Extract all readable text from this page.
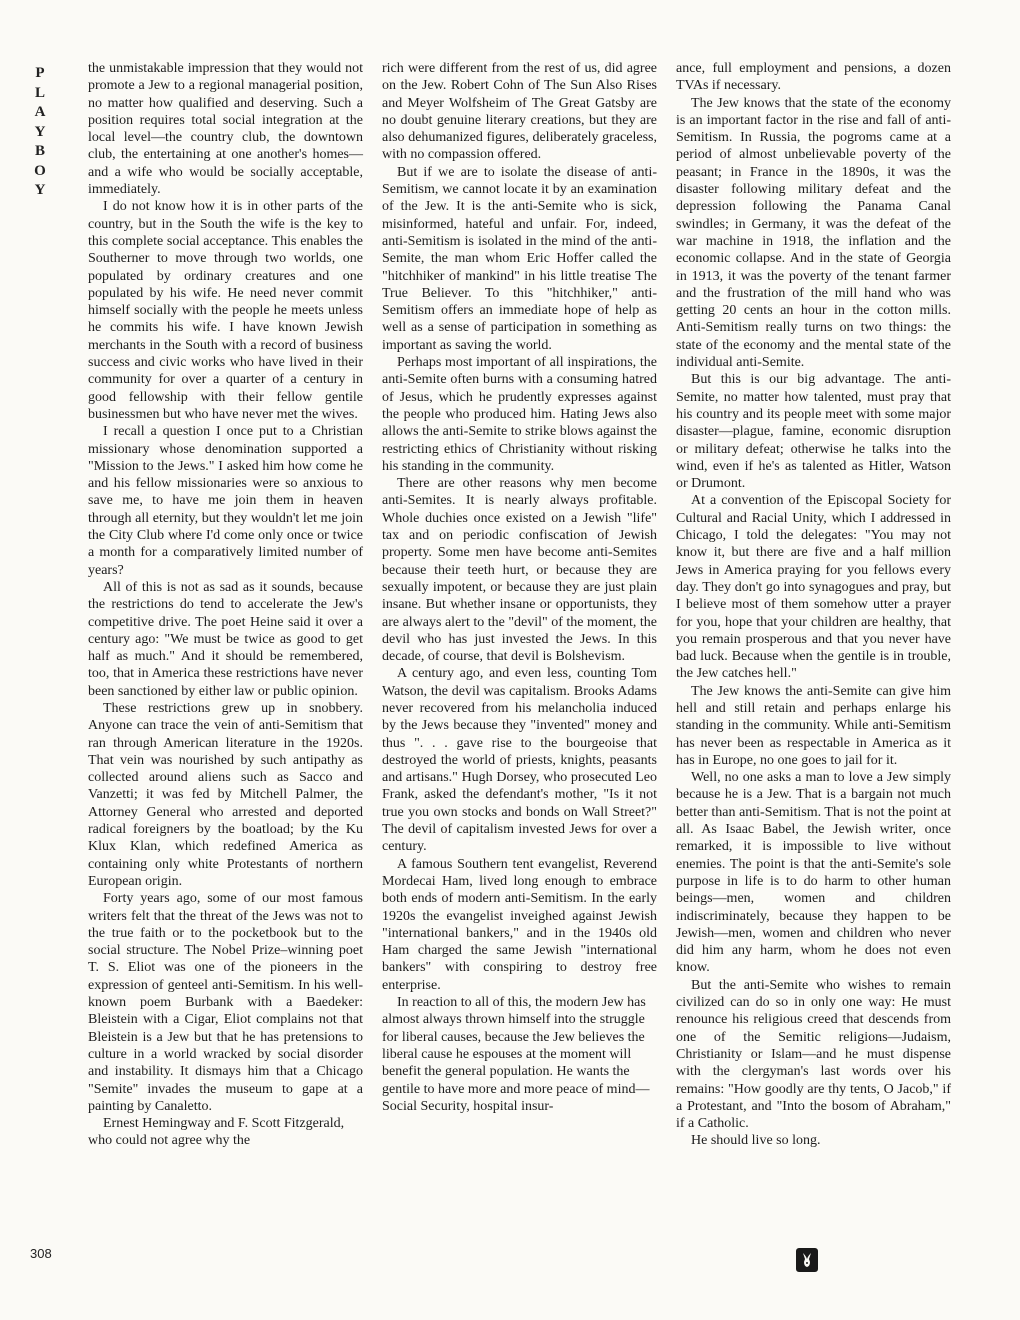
P
L
A
Y
B
O
Y
308

the unmistakable impression that they would not promote a Jew to a regional managerial position, no matter how qualified and deserving. Such a position requires total social integration at the local level—the country club, the downtown club, the entertaining at one another's homes—and a wife who would be socially acceptable, immediately.

I do not know how it is in other parts of the country, but in the South the wife is the key to this complete social acceptance. This enables the Southerner to move through two worlds, one populated by ordinary creatures and one populated by his wife. He need never commit himself socially with the people he meets unless he commits his wife. I have known Jewish merchants in the South with a record of business success and civic works who have lived in their community for over a quarter of a century in good fellowship with their fellow gentile businessmen but who have never met the wives.

I recall a question I once put to a Christian missionary whose denomination supported a "Mission to the Jews." I asked him how come he and his fellow missionaries were so anxious to save me, to have me join them in heaven through all eternity, but they wouldn't let me join the City Club where I'd come only once or twice a month for a comparatively limited number of years?

All of this is not as sad as it sounds, because the restrictions do tend to accelerate the Jew's competitive drive. The poet Heine said it over a century ago: "We must be twice as good to get half as much." And it should be remembered, too, that in America these restrictions have never been sanctioned by either law or public opinion.

These restrictions grew up in snobbery. Anyone can trace the vein of anti-Semitism that ran through American literature in the 1920s. That vein was nourished by such antipathy as collected around aliens such as Sacco and Vanzetti; it was fed by Mitchell Palmer, the Attorney General who arrested and deported radical foreigners by the boatload; by the Ku Klux Klan, which redefined America as containing only white Protestants of northern European origin.

Forty years ago, some of our most famous writers felt that the threat of the Jews was not to the true faith or to the pocketbook but to the social structure. The Nobel Prize–winning poet T. S. Eliot was one of the pioneers in the expression of genteel anti-Semitism. In his well-known poem Burbank with a Baedeker: Bleistein with a Cigar, Eliot complains not that Bleistein is a Jew but that he has pretensions to culture in a world wracked by social disorder and instability. It dismays him that a Chicago "Semite" invades the museum to gape at a painting by Canaletto.

Ernest Hemingway and F. Scott Fitzgerald, who could not agree why the

rich were different from the rest of us, did agree on the Jew. Robert Cohn of The Sun Also Rises and Meyer Wolfsheim of The Great Gatsby are no doubt genuine literary creations, but they are also dehumanized figures, deliberately graceless, with no compassion offered.

But if we are to isolate the disease of anti-Semitism, we cannot locate it by an examination of the Jew. It is the anti-Semite who is sick, misinformed, hateful and unfair. For, indeed, anti-Semitism is isolated in the mind of the anti-Semite, the man whom Eric Hoffer called the "hitchhiker of mankind" in his little treatise The True Believer. To this "hitchhiker," anti-Semitism offers an immediate hope of help as well as a sense of participation in something as important as saving the world.

Perhaps most important of all inspirations, the anti-Semite often burns with a consuming hatred of Jesus, which he prudently expresses against the people who produced him. Hating Jews also allows the anti-Semite to strike blows against the restricting ethics of Christianity without risking his standing in the community.

There are other reasons why men become anti-Semites. It is nearly always profitable. Whole duchies once existed on a Jewish "life" tax and on periodic confiscation of Jewish property. Some men have become anti-Semites because their teeth hurt, or because they are sexually impotent, or because they are just plain insane. But whether insane or opportunists, they are always alert to the "devil" of the moment, the devil who has just invested the Jews. In this decade, of course, that devil is Bolshevism.

A century ago, and even less, counting Tom Watson, the devil was capitalism. Brooks Adams never recovered from his melancholia induced by the Jews because they "invented" money and thus ". . . gave rise to the bourgeoise that destroyed the world of priests, knights, peasants and artisans." Hugh Dorsey, who prosecuted Leo Frank, asked the defendant's mother, "Is it not true you own stocks and bonds on Wall Street?" The devil of capitalism invested Jews for over a century.

A famous Southern tent evangelist, Reverend Mordecai Ham, lived long enough to embrace both ends of modern anti-Semitism. In the early 1920s the evangelist inveighed against Jewish "international bankers," and in the 1940s old Ham charged the same Jewish "international bankers" with conspiring to destroy free enterprise.

In reaction to all of this, the modern Jew has almost always thrown himself into the struggle for liberal causes, because the Jew believes the liberal cause he espouses at the moment will benefit the general population. He wants the gentile to have more and more peace of mind—Social Security, hospital insur-

ance, full employment and pensions, a dozen TVAs if necessary.

The Jew knows that the state of the economy is an important factor in the rise and fall of anti-Semitism. In Russia, the pogroms came at a period of almost unbelievable poverty of the peasant; in France in the 1890s, it was the disaster following military defeat and the depression following the Panama Canal swindles; in Germany, it was the defeat of the war machine in 1918, the inflation and the economic collapse. And in the state of Georgia in 1913, it was the poverty of the tenant farmer and the frustration of the mill hand who was getting 20 cents an hour in the cotton mills. Anti-Semitism really turns on two things: the state of the economy and the mental state of the individual anti-Semite.

But this is our big advantage. The anti-Semite, no matter how talented, must pray that his country and its people meet with some major disaster—plague, famine, economic disruption or military defeat; otherwise he talks into the wind, even if he's as talented as Hitler, Watson or Drumont.

At a convention of the Episcopal Society for Cultural and Racial Unity, which I addressed in Chicago, I told the delegates: "You may not know it, but there are five and a half million Jews in America praying for you fellows every day. They don't go into synagogues and pray, but I believe most of them somehow utter a prayer for you, hope that your children are healthy, that you remain prosperous and that you never have bad luck. Because when the gentile is in trouble, the Jew catches hell."

The Jew knows the anti-Semite can give him hell and still retain and perhaps enlarge his standing in the community. While anti-Semitism has never been as respectable in America as it has in Europe, no one goes to jail for it.

Well, no one asks a man to love a Jew simply because he is a Jew. That is a bargain not much better than anti-Semitism. That is not the point at all. As Isaac Babel, the Jewish writer, once remarked, it is impossible to live without enemies. The point is that the anti-Semite's sole purpose in life is to do harm to other human beings—men, women and children indiscriminately, because they happen to be Jewish—men, women and children who never did him any harm, whom he does not even know.

But the anti-Semite who wishes to remain civilized can do so in only one way: He must renounce his religious creed that descends from one of the Semitic religions—Judaism, Christianity or Islam—and he must dispense with the clergyman's last words over his remains: "How goodly are thy tents, O Jacob," if a Protestant, and "Into the bosom of Abraham," if a Catholic.

He should live so long.
